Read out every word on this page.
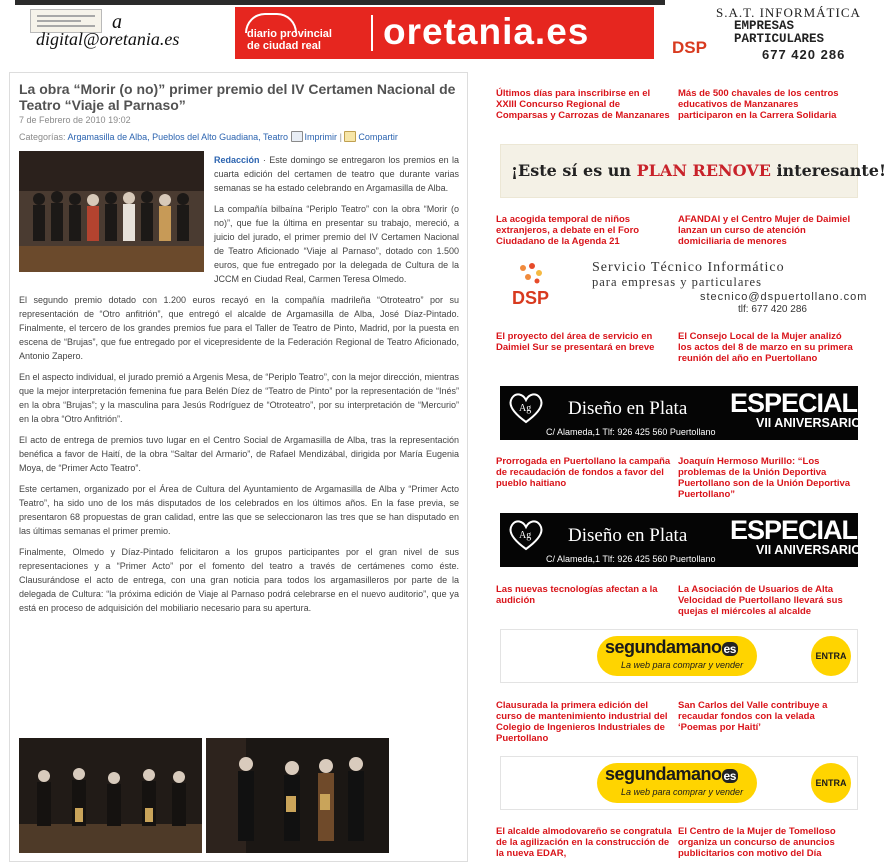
a
digital@oretania.es	diario provincial
de ciudad real oretania.es	S.A.T. INFORMÁTICA
EMPRESAS
PARTICULARES
DSP	677 420 286
La obra “Morir (o no)” primer premio del IV Certamen Nacional de Teatro “Viaje al Parnaso”
7 de Febrero de 2010 19:02
Categorías: Argamasilla de Alba, Pueblos del Alto Guadiana, Teatro Imprimir | Compartir

Redacción · Este domingo se entregaron los premios en la cuarta edición del certamen de teatro que durante varias semanas se ha estado celebrando en Argamasilla de Alba.

La compañía bilbaína “Periplo Teatro” con la obra “Morir (o no)”, que fue la última en presentar su trabajo, mereció, a juicio del jurado, el primer premio del IV Certamen Nacional de Teatro Aficionado “Viaje al Parnaso”, dotado con 1.500 euros, que fue entregado por la delegada de Cultura de la JCCM en Ciudad Real, Carmen Teresa Olmedo.

El segundo premio dotado con 1.200 euros recayó en la compañía madrileña “Otroteatro” por su representación de “Otro anfitrión”, que entregó el alcalde de Argamasilla de Alba, José Díaz-Pintado. Finalmente, el tercero de los grandes premios fue para el Taller de Teatro de Pinto, Madrid, por la puesta en escena de “Brujas”, que fue entregado por el vicepresidente de la Federación Regional de Teatro Aficionado, Antonio Zapero.

En el aspecto individual, el jurado premió a Argenis Mesa, de “Periplo Teatro”, con la mejor dirección, mientras que la mejor interpretación femenina fue para Belén Díez de “Teatro de Pinto” por la representación de “Inés” en la obra “Brujas”; y la masculina para Jesús Rodríguez de “Otroteatro”, por su interpretación de “Mercurio” en la obra “Otro Anfitrión”.

El acto de entrega de premios tuvo lugar en el Centro Social de Argamasilla de Alba, tras la representación benéfica a favor de Haití, de la obra “Saltar del Armario”, de Rafael Mendizábal, dirigida por María Eugenia Moya, de “Primer Acto Teatro”.

Este certamen, organizado por el Área de Cultura del Ayuntamiento de Argamasilla de Alba y “Primer Acto Teatro”, ha sido uno de los más disputados de los celebrados en los últimos años. En la fase previa, se presentaron 68 propuestas de gran calidad, entre las que se seleccionaron las tres que se han disputado en las últimas semanas el primer premio.

Finalmente, Olmedo y Díaz-Pintado felicitaron a los grupos participantes por el gran nivel de sus representaciones y a “Primer Acto” por el fomento del teatro a través de certámenes como éste. Clausurándose el acto de entrega, con una gran noticia para todos los argamasilleros por parte de la delegada de Cultura: “la próxima edición de Viaje al Parnaso podrá celebrarse en el nuevo auditorio”, que ya está en proceso de adquisición del mobiliario necesario para su apertura.

Últimos días para inscribirse en el XXIII Concurso Regional de Comparsas y Carrozas de Manzanares
Más de 500 chavales de los centros educativos de Manzanares participaron en la Carrera Solidaria
¡Este sí es un PLAN RENOVE interesante!
La acogida temporal de niños extranjeros, a debate en el Foro Ciudadano de la Agenda 21
AFANDAI y el Centro Mujer de Daimiel lanzan un curso de atención domiciliaria de menores
DSP
Servicio Técnico Informático
para empresas y particulares
stecnico@dspuertollano.com
tlf: 677 420 286
El proyecto del área de servicio en Daimiel Sur se presentará en breve
El Consejo Local de la Mujer analizó los actos del 8 de marzo en su primera reunión del año en Puertollano
Ag Diseño en Plata
C/ Alameda,1 Tlf: 926 425 560 Puertollano
ESPECIAL
VII ANIVERSARIO
Prorrogada en Puertollano la campaña de recaudación de fondos a favor del pueblo haitiano
Joaquín Hermoso Murillo: “Los problemas de la Unión Deportiva Puertollano son de la Unión Deportiva Puertollano”
Ag Diseño en Plata
C/ Alameda,1 Tlf: 926 425 560 Puertollano
ESPECIAL
VII ANIVERSARIO
Las nuevas tecnologías afectan a la audición
La Asociación de Usuarios de Alta Velocidad de Puertollano llevará sus quejas el miércoles al alcalde
segundamano es
La web para comprar y vender
ENTRA
Clausurada la primera edición del curso de mantenimiento industrial del Colegio de Ingenieros Industriales de Puertollano
San Carlos del Valle contribuye a recaudar fondos con la velada ‘Poemas por Haití’
segundamano es
La web para comprar y vender
ENTRA
El alcalde almodovareño se congratula de la agilización en la construcción de la nueva EDAR,
El Centro de la Mujer de Tomelloso organiza un concurso de anuncios publicitarios con motivo del Día
